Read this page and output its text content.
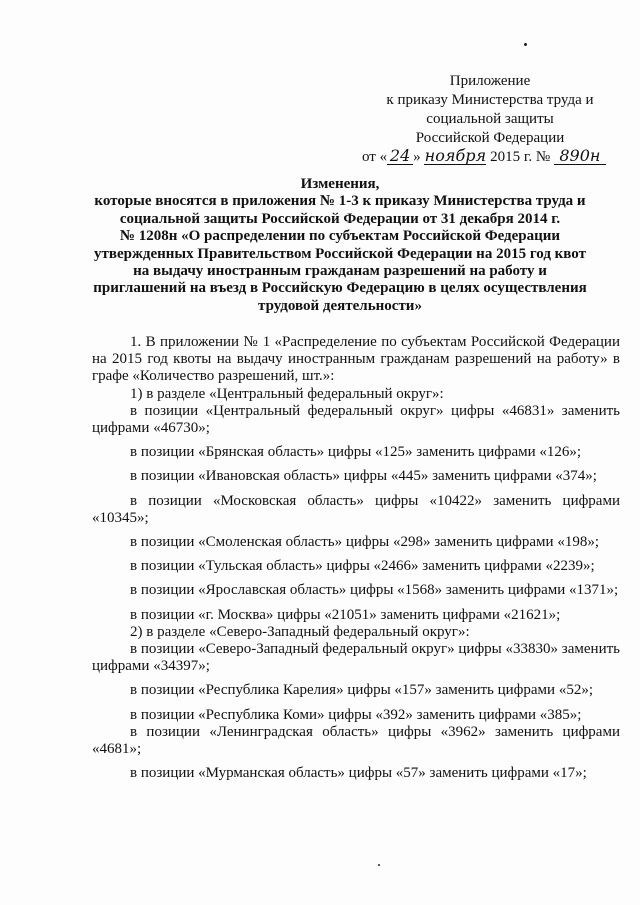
Приложение
к приказу Министерства труда и
социальной защиты
Российской Федерации
от « 24 » ноября 2015 г. № 890н
Изменения,
которые вносятся в приложения № 1-3 к приказу Министерства труда и
социальной защиты Российской Федерации от 31 декабря 2014 г.
№ 1208н «О распределении по субъектам Российской Федерации
утвержденных Правительством Российской Федерации на 2015 год квот
на выдачу иностранным гражданам разрешений на работу и
приглашений на въезд в Российскую Федерацию в целях осуществления
трудовой деятельности»

1. В приложении № 1 «Распределение по субъектам Российской Федерации на 2015 год квоты на выдачу иностранным гражданам разрешений на работу» в графе «Количество разрешений, шт.»:

1) в разделе «Центральный федеральный округ»:

в позиции «Центральный федеральный округ» цифры «46831» заменить цифрами «46730»;

в позиции «Брянская область» цифры «125» заменить цифрами «126»;

в позиции «Ивановская область» цифры «445» заменить цифрами «374»;

в позиции «Московская область» цифры «10422» заменить цифрами «10345»;

в позиции «Смоленская область» цифры «298» заменить цифрами «198»;

в позиции «Тульская область» цифры «2466» заменить цифрами «2239»;

в позиции «Ярославская область» цифры «1568» заменить цифрами «1371»;

в позиции «г. Москва» цифры «21051» заменить цифрами «21621»;

2) в разделе «Северо-Западный федеральный округ»:

в позиции «Северо-Западный федеральный округ» цифры «33830» заменить цифрами «34397»;

в позиции «Республика Карелия» цифры «157» заменить цифрами «52»;

в позиции «Республика Коми» цифры «392» заменить цифрами «385»;

в позиции «Ленинградская область» цифры «3962» заменить цифрами «4681»;

в позиции «Мурманская область» цифры «57» заменить цифрами «17»;
